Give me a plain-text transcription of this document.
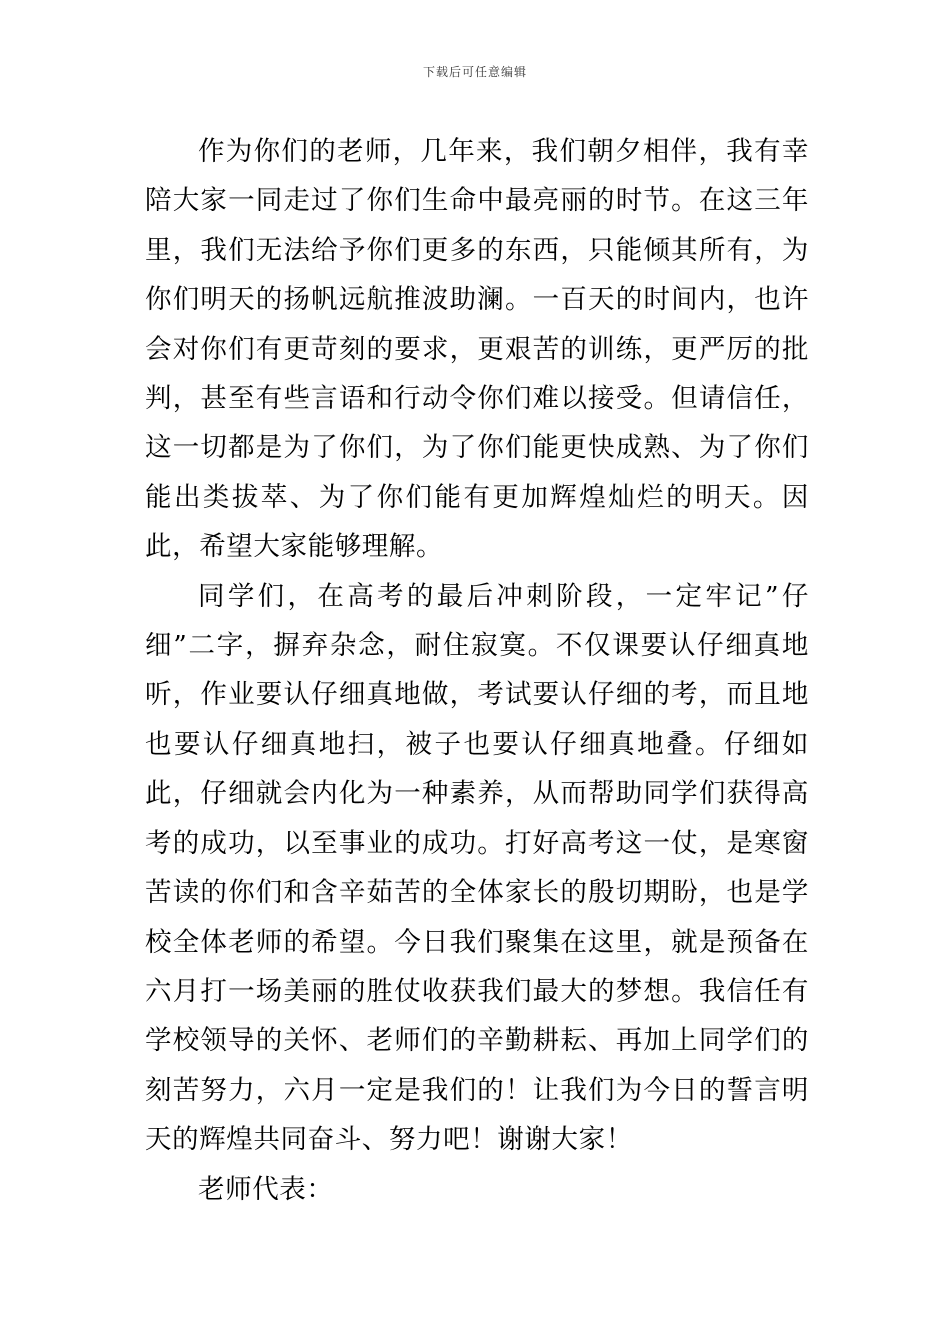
下载后可任意编辑

作为你们的老师，几年来，我们朝夕相伴，我有幸陪大家一同走过了你们生命中最亮丽的时节。在这三年里，我们无法给予你们更多的东西，只能倾其所有，为你们明天的扬帆远航推波助澜。一百天的时间内，也许会对你们有更苛刻的要求，更艰苦的训练，更严厉的批判，甚至有些言语和行动令你们难以接受。但请信任，这一切都是为了你们，为了你们能更快成熟、为了你们能出类拔萃、为了你们能有更加辉煌灿烂的明天。因此，希望大家能够理解。

同学们，在高考的最后冲刺阶段，一定牢记”仔细”二字，摒弃杂念，耐住寂寞。不仅课要认仔细真地听，作业要认仔细真地做，考试要认仔细的考，而且地也要认仔细真地扫，被子也要认仔细真地叠。仔细如此，仔细就会内化为一种素养，从而帮助同学们获得高考的成功，以至事业的成功。打好高考这一仗，是寒窗苦读的你们和含辛茹苦的全体家长的殷切期盼，也是学校全体老师的希望。今日我们聚集在这里，就是预备在六月打一场美丽的胜仗收获我们最大的梦想。我信任有学校领导的关怀、老师们的辛勤耕耘、再加上同学们的刻苦努力，六月一定是我们的！让我们为今日的誓言明天的辉煌共同奋斗、努力吧！谢谢大家！

老师代表：
